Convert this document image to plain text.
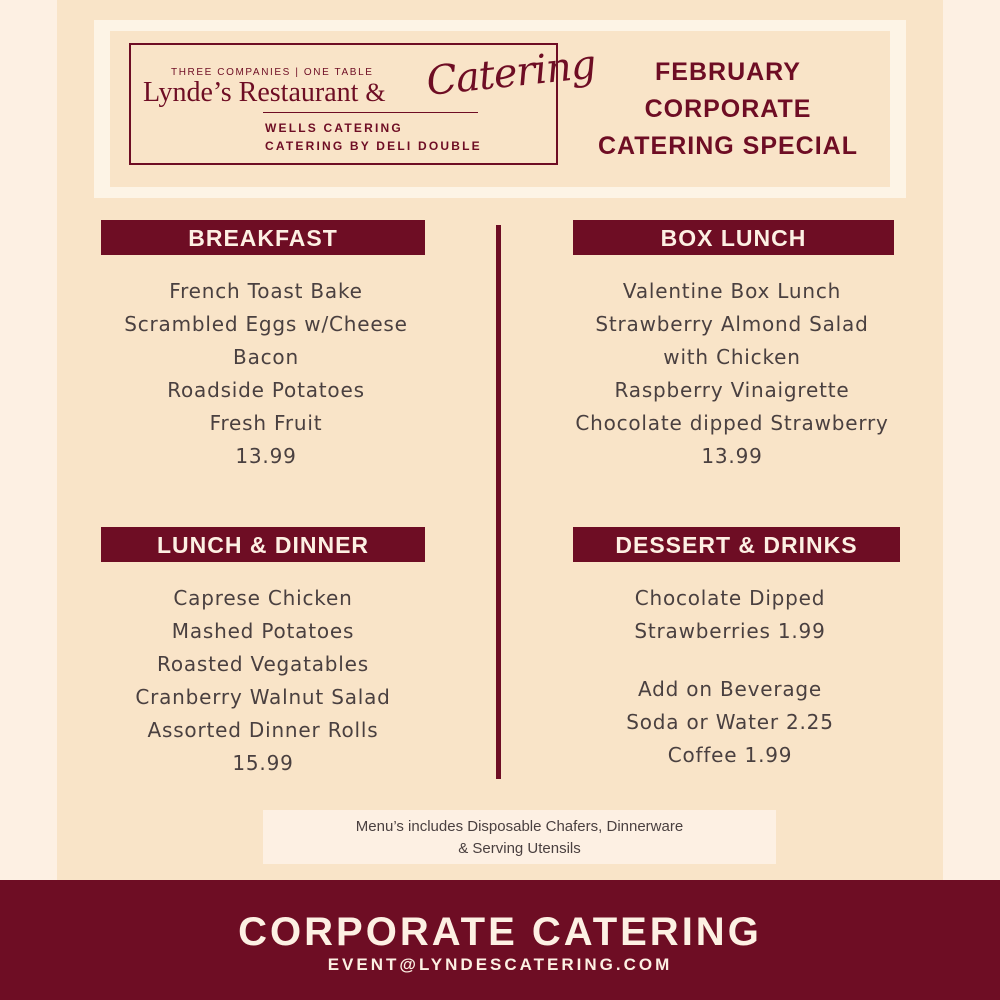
THREE COMPANIES | ONE TABLE
Lynde’s Restaurant & Catering
WELLS CATERING
CATERING BY DELI DOUBLE
FEBRUARY
CORPORATE
CATERING SPECIAL
BREAKFAST
French Toast Bake
Scrambled Eggs w/Cheese
Bacon
Roadside Potatoes
Fresh Fruit
13.99
BOX LUNCH
Valentine Box Lunch
Strawberry Almond Salad
with Chicken
Raspberry Vinaigrette
Chocolate dipped Strawberry
13.99
LUNCH & DINNER
Caprese Chicken
Mashed Potatoes
Roasted Vegatables
Cranberry Walnut Salad
Assorted Dinner Rolls
15.99
DESSERT & DRINKS
Chocolate Dipped
Strawberries 1.99
Add on Beverage
Soda or Water 2.25
Coffee 1.99
Menu’s includes Disposable Chafers, Dinnerware
& Serving Utensils
CORPORATE CATERING
EVENT@LYNDESCATERING.COM
